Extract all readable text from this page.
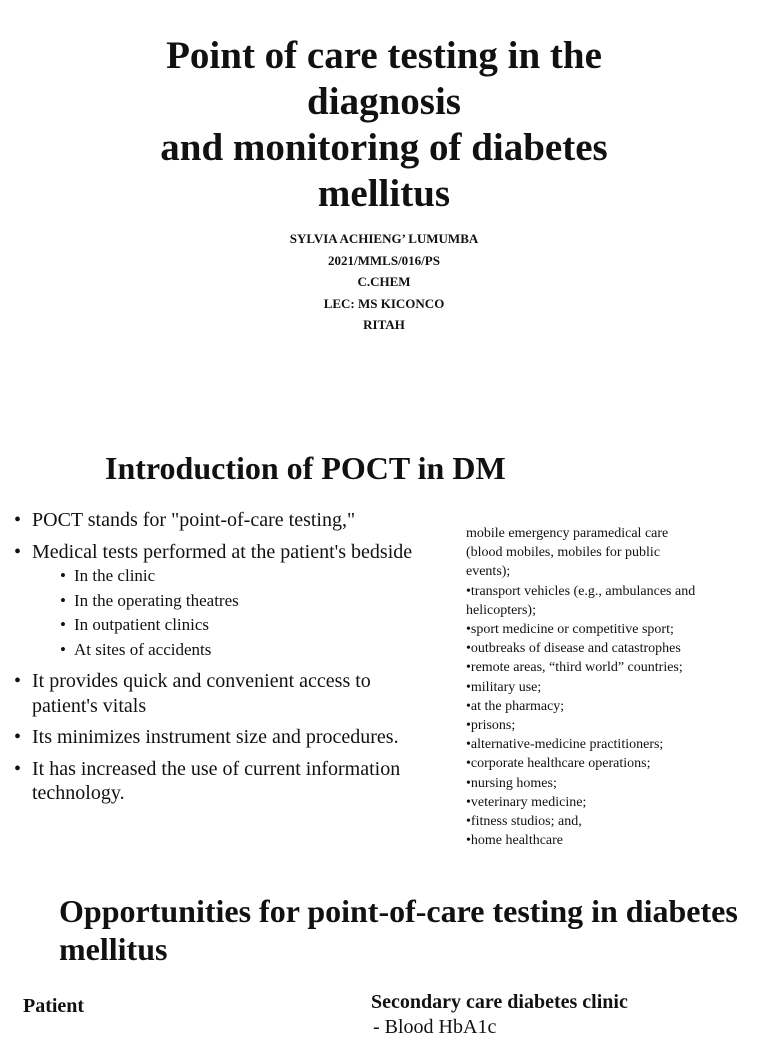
Point of care testing in the
diagnosis
and monitoring of diabetes
mellitus
SYLVIA ACHIENG’ LUMUMBA
2021/MMLS/016/PS
C.CHEM
LEC: MS KICONCO
RITAH
Introduction of POCT in DM
• POCT stands for "point-of-care testing,"
• Medical tests performed at the patient's bedside
• In the clinic
• In the operating theatres
• In outpatient clinics
• At sites of accidents
• It provides quick and convenient access to patient's vitals
• Its minimizes instrument size and procedures.
• It has increased the use of current information technology.
mobile emergency paramedical care
(blood mobiles, mobiles for public
events);
•transport vehicles (e.g., ambulances and
helicopters);
•sport medicine or competitive sport;
•outbreaks of disease and catastrophes
•remote areas, “third world” countries;
•military use;
•at the pharmacy;
•prisons;
•alternative-medicine practitioners;
•corporate healthcare operations;
•nursing homes;
•veterinary medicine;
•fitness studios; and,
•home healthcare
Opportunities for point-of-care testing in diabetes mellitus
Patient	Secondary care diabetes clinic
- Blood HbA1c
